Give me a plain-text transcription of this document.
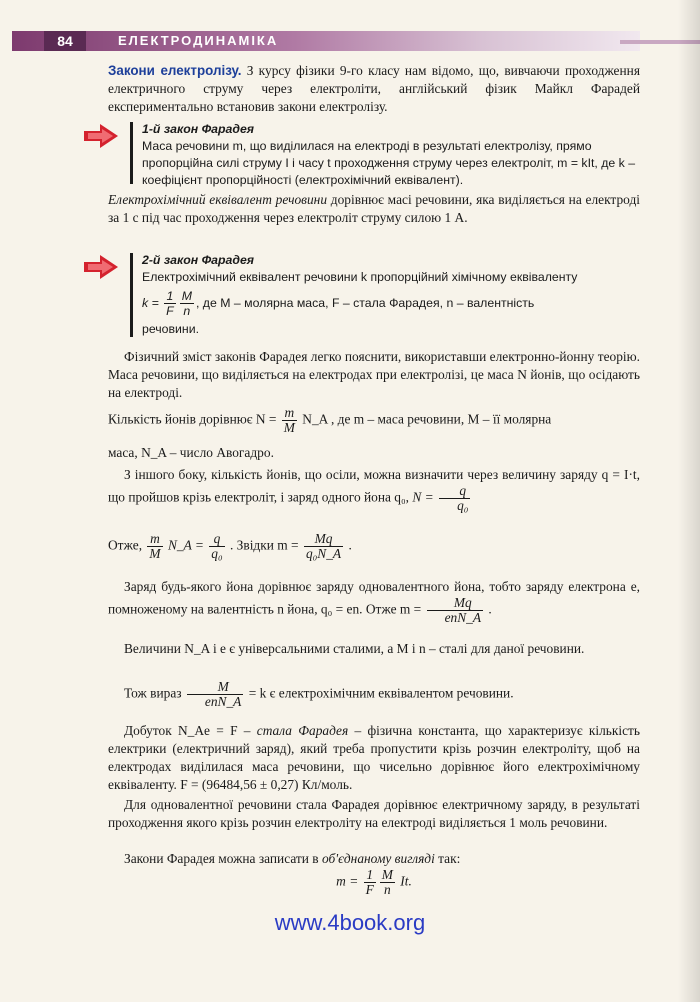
84	ЕЛЕКТРОДИНАМІКА
Закони електролізу. З курсу фізики 9-го класу нам відомо, що, вивчаючи проходження електричного струму через електроліти, англійський фізик Майкл Фарадей експериментально встановив закони електролізу.
1-й закон Фарадея
Маса речовини m, що виділилася на електроді в результаті електролізу, прямо пропорційна силі струму I і часу t проходження струму через електроліт, m = kIt, де k – коефіцієнт пропорційності (електрохімічний еквівалент).
Електрохімічний еквівалент речовини дорівнює масі речовини, яка виділяється на електроді за 1 с під час проходження через електроліт струму силою 1 А.
2-й закон Фарадея
Електрохімічний еквівалент речовини k пропорційний хімічному еквіваленту
$k = \frac{1}{F} \frac{M}{n}$ , де M – молярна маса, F – стала Фарадея, n – валентність
речовини.
Фізичний зміст законів Фарадея легко пояснити, використавши електронно-йонну теорію. Маса речовини, що виділяється на електродах при електролізі, це маса N йонів, що осідають на електроді.
Кількість йонів дорівнює $N = \frac{m}{M}$ N_A , де m – маса речовини, M – її молярна
маса, N_A – число Авогадро.
З іншого боку, кількість йонів, що осіли, можна визначити через величину заряду q = I·t, що пройшов крізь електроліт, і заряд одного йона q₀, $N = \frac{q}{\text{q₀}}$
Отже, $\frac{m}{M}$ N_A = $\frac{q}{\text{q₀}}$ . Звідки $m = \frac{Mq}{\text{q₀N\_A}}$ .
Заряд будь-якого йона дорівнює заряду одновалентного йона, тобто заряду електрона e, помноженому на валентність n йона, q₀ = en. Отже $m = \frac{Mq}{\text{enN\_A}}$ .
Величини N_A і e є універсальними сталими, а M і n – сталі для даної речовини.
Тож вираз $\frac{M}{\text{enN\_A}} = k$ є електрохімічним еквівалентом речовини.
Добуток N_Ae = F – стала Фарадея – фізична константа, що характеризує кількість електрики (електричний заряд), який треба пропустити крізь розчин електроліту, щоб на електродах виділилася маса речовини, що чисельно дорівнює його електрохімічному еквіваленту. F = (96484,56 ± 0,27) Кл/моль.
Для одновалентної речовини стала Фарадея дорівнює електричному заряду, в результаті проходження якого крізь розчин електроліту на електроді виділяється 1 моль речовини.
Закони Фарадея можна записати в об'єднаному вигляді так:
$m = \frac{1}{F} \frac{M}{n} It$.
www.4book.org
